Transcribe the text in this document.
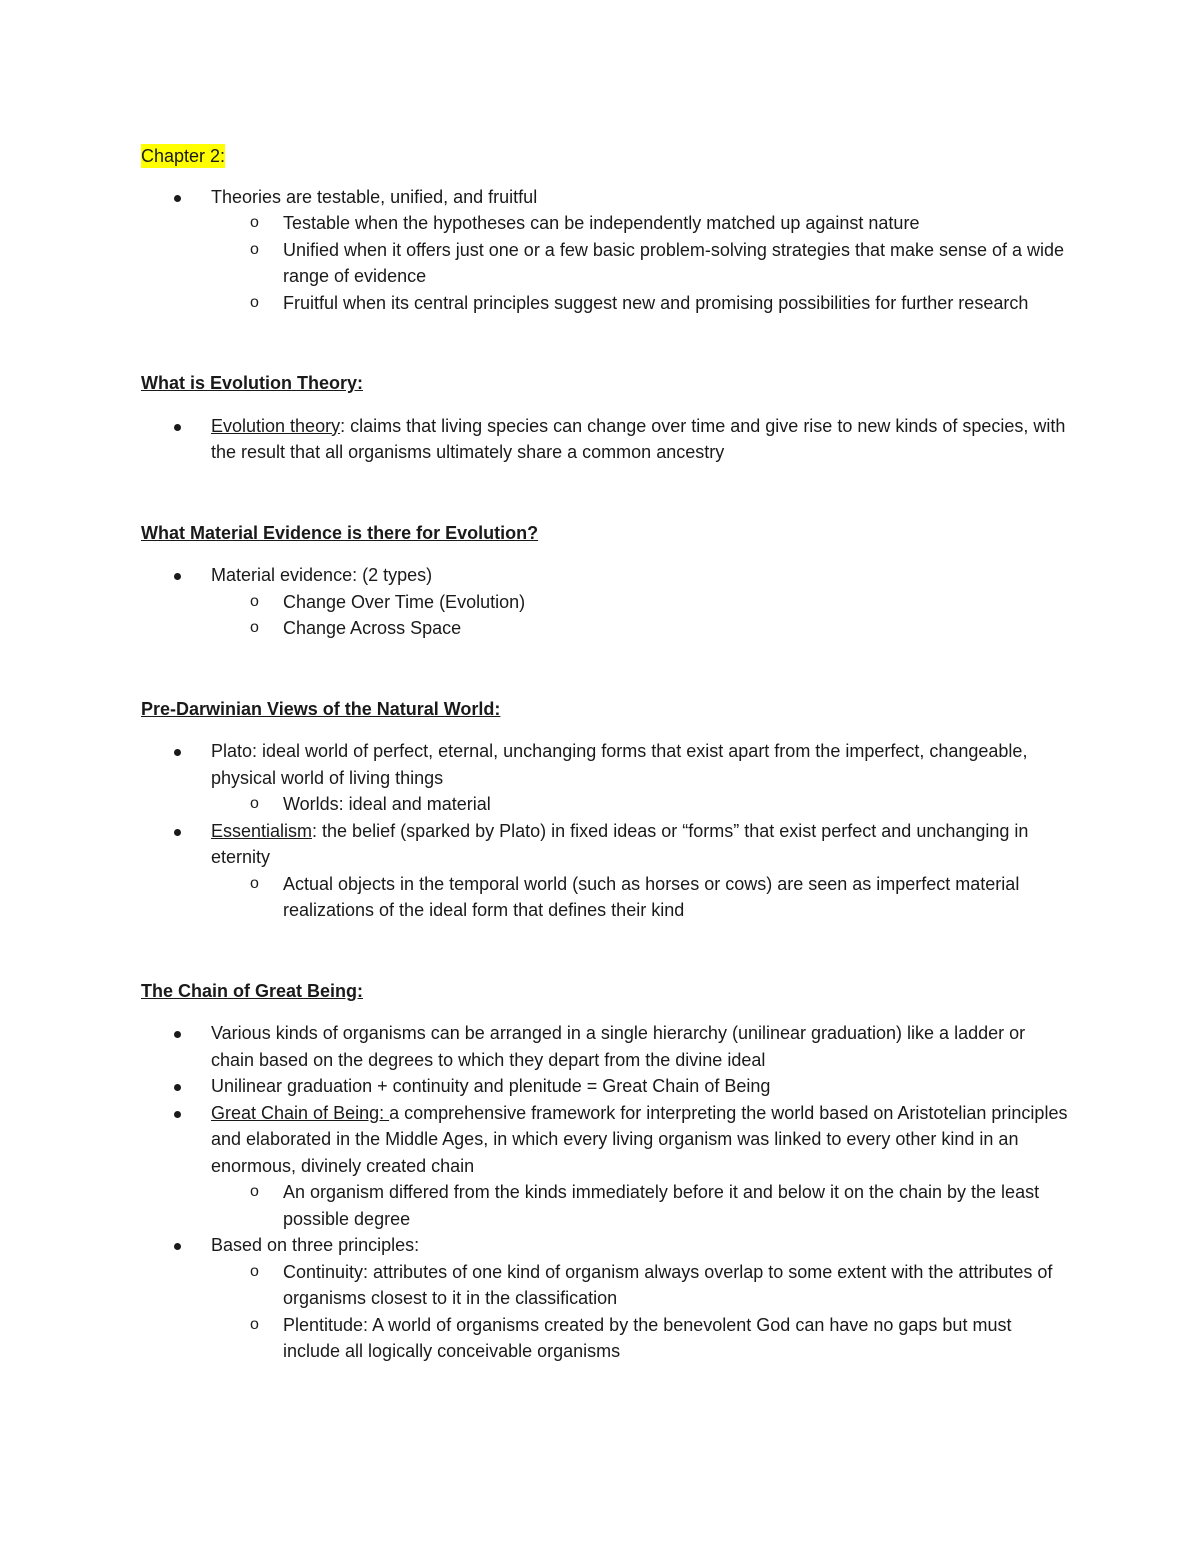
Chapter 2:
Theories are testable, unified, and fruitful
o Testable when the hypotheses can be independently matched up against nature
o Unified when it offers just one or a few basic problem-solving strategies that make sense of a wide range of evidence
o Fruitful when its central principles suggest new and promising possibilities for further research

What is Evolution Theory:

Evolution theory: claims that living species can change over time and give rise to new kinds of species, with the result that all organisms ultimately share a common ancestry

What Material Evidence is there for Evolution?

Material evidence: (2 types)
o Change Over Time (Evolution)
o Change Across Space

Pre-Darwinian Views of the Natural World:

Plato: ideal world of perfect, eternal, unchanging forms that exist apart from the imperfect, changeable, physical world of living things
o Worlds: ideal and material
Essentialism: the belief (sparked by Plato) in fixed ideas or “forms” that exist perfect and unchanging in eternity
o Actual objects in the temporal world (such as horses or cows) are seen as imperfect material realizations of the ideal form that defines their kind

The Chain of Great Being:

Various kinds of organisms can be arranged in a single hierarchy (unilinear graduation) like a ladder or chain based on the degrees to which they depart from the divine ideal
Unilinear graduation + continuity and plenitude = Great Chain of Being
Great Chain of Being: a comprehensive framework for interpreting the world based on Aristotelian principles and elaborated in the Middle Ages, in which every living organism was linked to every other kind in an enormous, divinely created chain
o An organism differed from the kinds immediately before it and below it on the chain by the least possible degree
Based on three principles:
o Continuity: attributes of one kind of organism always overlap to some extent with the attributes of organisms closest to it in the classification
o Plentitude: A world of organisms created by the benevolent God can have no gaps but must include all logically conceivable organisms
